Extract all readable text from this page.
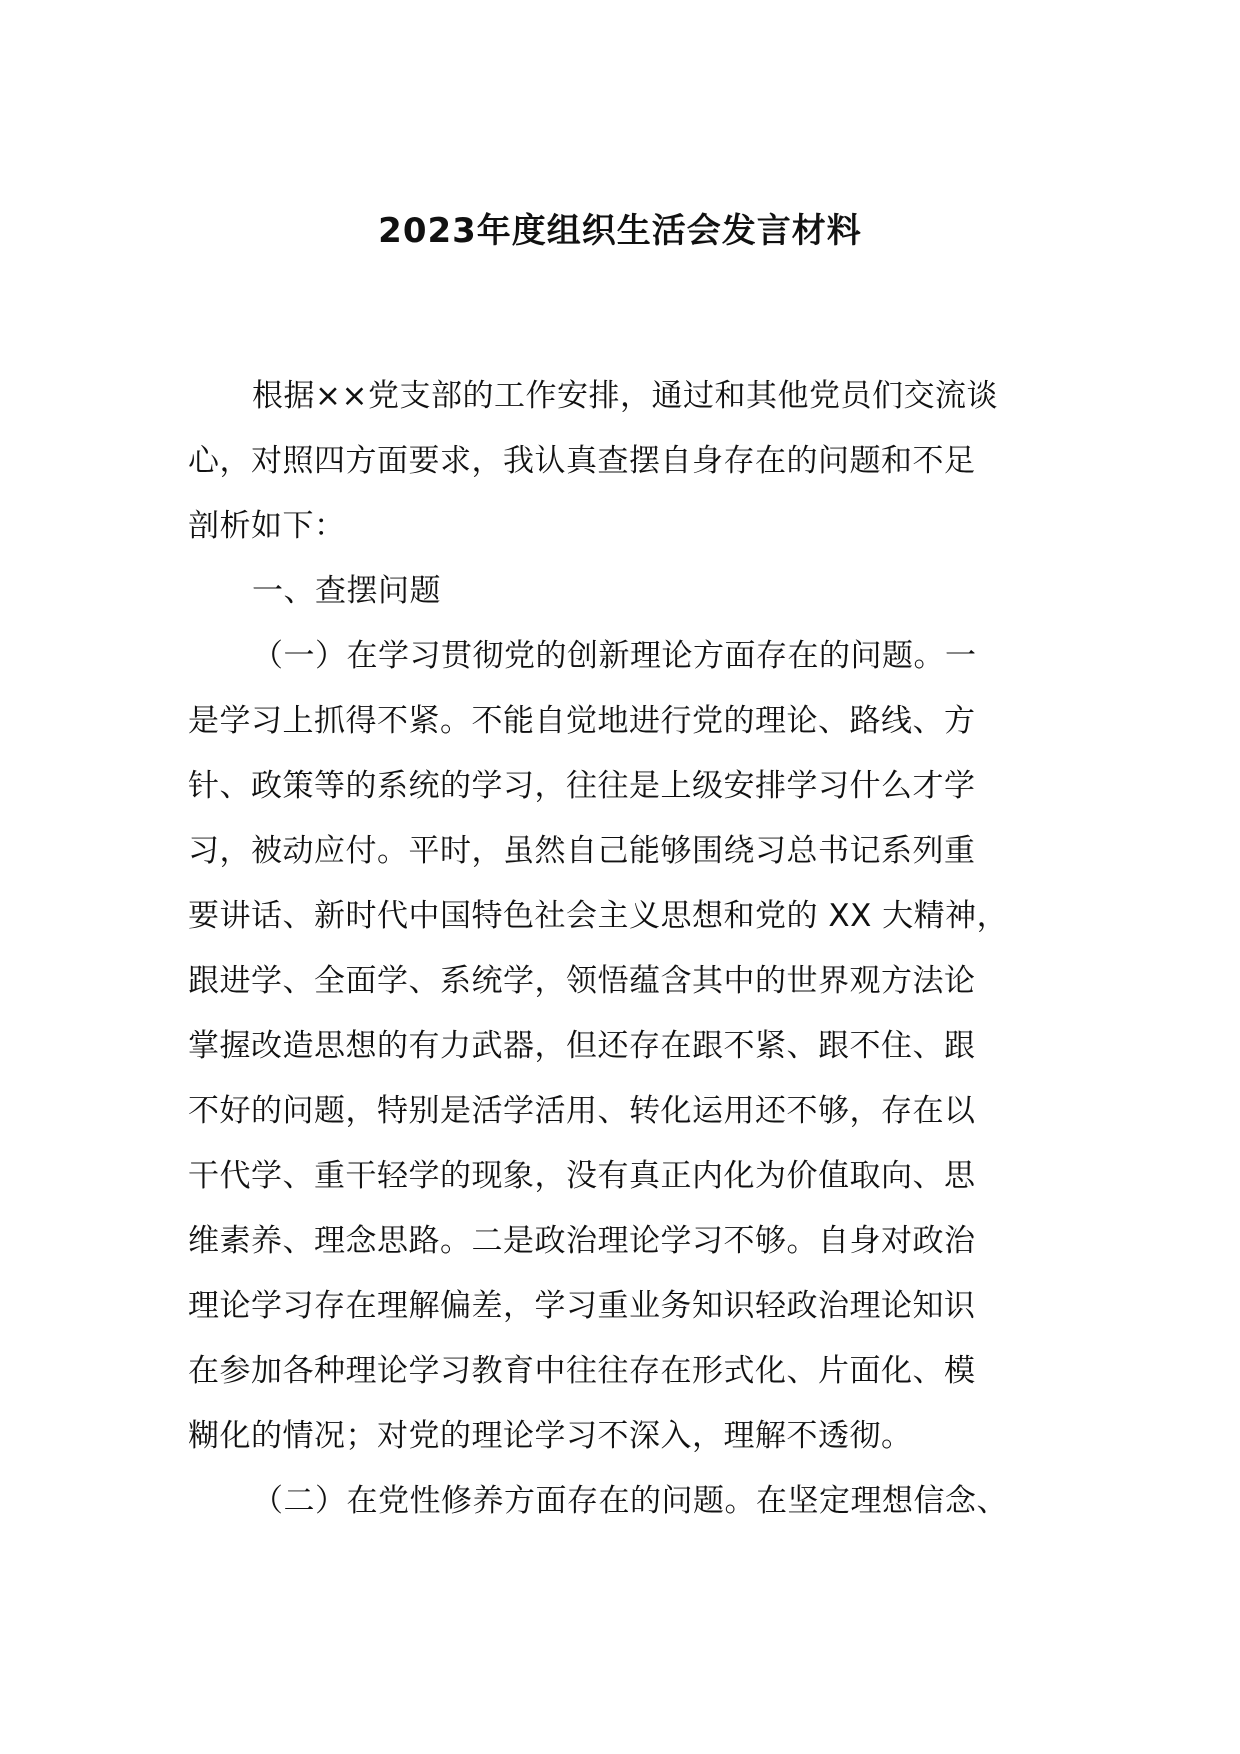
2023年度组织生活会发言材料
根据××党支部的工作安排，通过和其他党员们交流谈
心，对照四方面要求，我认真查摆自身存在的问题和不足
剖析如下：
一、查摆问题
（一）在学习贯彻党的创新理论方面存在的问题。一
是学习上抓得不紧。不能自觉地进行党的理论、路线、方
针、政策等的系统的学习，往往是上级安排学习什么才学
习，被动应付。平时，虽然自己能够围绕习总书记系列重
要讲话、新时代中国特色社会主义思想和党的 XX 大精神，
跟进学、全面学、系统学，领悟蕴含其中的世界观方法论
掌握改造思想的有力武器，但还存在跟不紧、跟不住、跟
不好的问题，特别是活学活用、转化运用还不够，存在以
干代学、重干轻学的现象，没有真正内化为价值取向、思
维素养、理念思路。二是政治理论学习不够。自身对政治
理论学习存在理解偏差，学习重业务知识轻政治理论知识
在参加各种理论学习教育中往往存在形式化、片面化、模
糊化的情况；对党的理论学习不深入，理解不透彻。
（二）在党性修养方面存在的问题。在坚定理想信念、
